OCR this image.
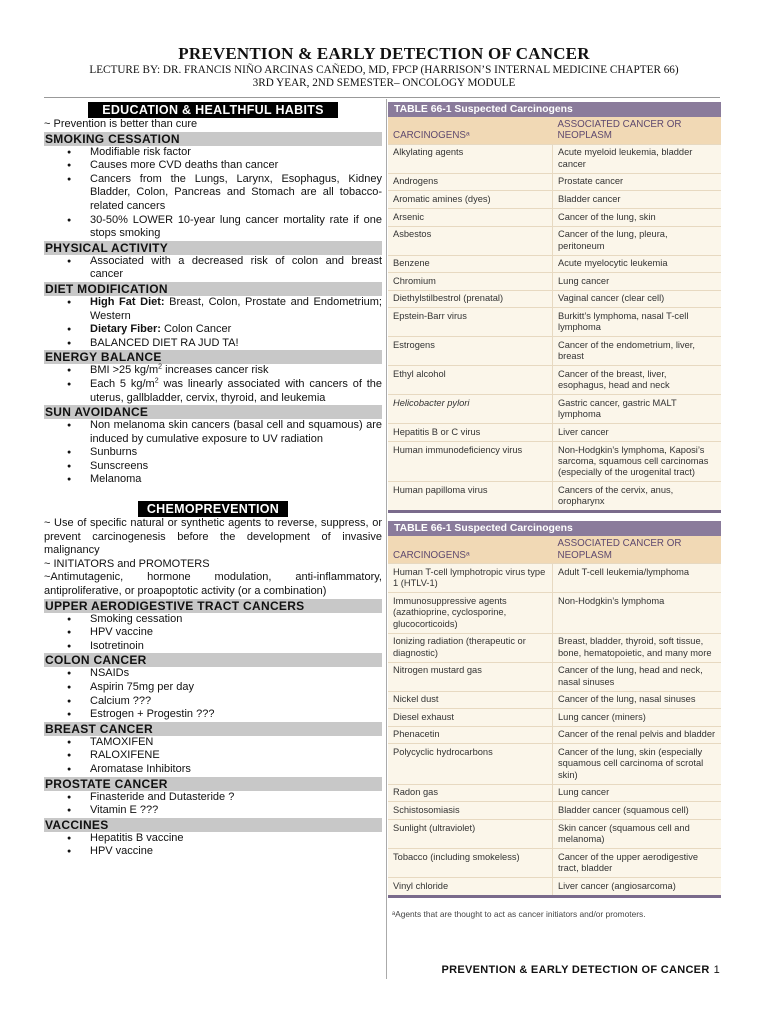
PREVENTION & EARLY DETECTION OF CANCER
LECTURE BY: DR. FRANCIS NIÑO ARCINAS CAÑEDO, MD, FPCP (HARRISON’S INTERNAL MEDICINE CHAPTER 66)
3RD YEAR, 2ND SEMESTER– ONCOLOGY MODULE
EDUCATION & HEALTHFUL HABITS

~ Prevention is better than cure

SMOKING CESSATION
● Modifiable risk factor
● Causes more CVD deaths than cancer
● Cancers from the Lungs, Larynx, Esophagus, Kidney Bladder, Colon, Pancreas and Stomach are all tobacco-related cancers
● 30-50% LOWER 10-year lung cancer mortality rate if one stops smoking
PHYSICAL ACTIVITY
● Associated with a decreased risk of colon and breast cancer
DIET MODIFICATION
● High Fat Diet: Breast, Colon, Prostate and Endometrium; Western
● Dietary Fiber: Colon Cancer
● BALANCED DIET RA JUD TA!
ENERGY BALANCE
● BMI >25 $kg/m^2$ increases cancer risk
● Each 5 $kg/m^2$ was linearly associated with cancers of the uterus, gallbladder, cervix, thyroid, and leukemia
SUN AVOIDANCE
● Non melanoma skin cancers (basal cell and squamous) are induced by cumulative exposure to UV radiation
● Sunburns
● Sunscreens
● Melanoma
CHEMOPREVENTION

~ Use of specific natural or synthetic agents to reverse, suppress, or prevent carcinogenesis before the development of invasive malignancy

~ INITIATORS and PROMOTERS

~Antimutagenic, hormone modulation, anti-inflammatory, antiproliferative, or proapoptotic activity (or a combination)

UPPER AERODIGESTIVE TRACT CANCERS
● Smoking cessation
● HPV vaccine
● Isotretinoin
COLON CANCER
● NSAIDs
● Aspirin 75mg per day
● Calcium ???
● Estrogen + Progestin ???
BREAST CANCER
● TAMOXIFEN
● RALOXIFENE
● Aromatase Inhibitors
PROSTATE CANCER
● Finasteride and Dutasteride ?
● Vitamin E ???
VACCINES
● Hepatitis B vaccine
● HPV vaccine
TABLE 66-1 Suspected Carcinogens
CARCINOGENSᵃ	ASSOCIATED CANCER OR NEOPLASM
Alkylating agents	Acute myeloid leukemia, bladder cancer
Androgens	Prostate cancer
Aromatic amines (dyes)	Bladder cancer
Arsenic	Cancer of the lung, skin
Asbestos	Cancer of the lung, pleura, peritoneum
Benzene	Acute myelocytic leukemia
Chromium	Lung cancer
Diethylstilbestrol (prenatal)	Vaginal cancer (clear cell)
Epstein-Barr virus	Burkitt’s lymphoma, nasal T-cell lymphoma
Estrogens	Cancer of the endometrium, liver, breast
Ethyl alcohol	Cancer of the breast, liver, esophagus, head and neck
Helicobacter pylori	Gastric cancer, gastric MALT lymphoma
Hepatitis B or C virus	Liver cancer
Human immunodeficiency virus	Non-Hodgkin’s lymphoma, Kaposi’s sarcoma, squamous cell carcinomas (especially of the urogenital tract)
Human papilloma virus	Cancers of the cervix, anus, oropharynx
TABLE 66-1 Suspected Carcinogens
CARCINOGENSᵃ	ASSOCIATED CANCER OR NEOPLASM
Human T-cell lymphotropic virus type 1 (HTLV-1)	Adult T-cell leukemia/lymphoma
Immunosuppressive agents (azathioprine, cyclosporine, glucocorticoids)	Non-Hodgkin’s lymphoma
Ionizing radiation (therapeutic or diagnostic)	Breast, bladder, thyroid, soft tissue, bone, hematopoietic, and many more
Nitrogen mustard gas	Cancer of the lung, head and neck, nasal sinuses
Nickel dust	Cancer of the lung, nasal sinuses
Diesel exhaust	Lung cancer (miners)
Phenacetin	Cancer of the renal pelvis and bladder
Polycyclic hydrocarbons	Cancer of the lung, skin (especially squamous cell carcinoma of scrotal skin)
Radon gas	Lung cancer
Schistosomiasis	Bladder cancer (squamous cell)
Sunlight (ultraviolet)	Skin cancer (squamous cell and melanoma)
Tobacco (including smokeless)	Cancer of the upper aerodigestive tract, bladder
Vinyl chloride	Liver cancer (angiosarcoma)
ᵃAgents that are thought to act as cancer initiators and/or promoters.
PREVENTION & EARLY DETECTION OF CANCER 1
